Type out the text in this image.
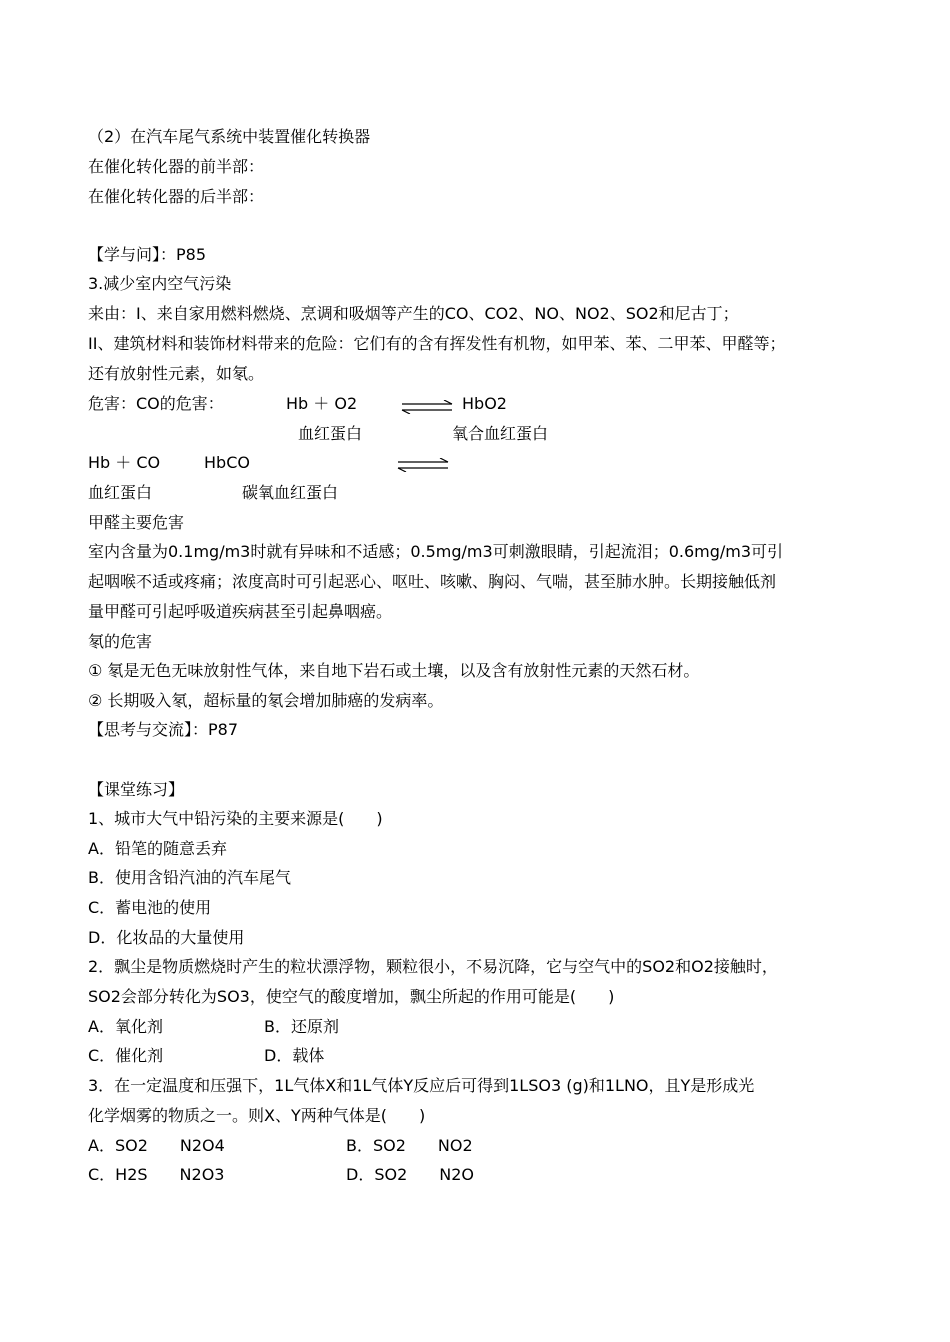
（2）在汽车尾气系统中装置催化转换器
在催化转化器的前半部：
在催化转化器的后半部：
【学与问】：P85
3.减少室内空气污染
来由：I、来自家用燃料燃烧、烹调和吸烟等产生的CO、CO2、NO、NO2、SO2和尼古丁；
II、建筑材料和装饰材料带来的危险：它们有的含有挥发性有机物，如甲苯、苯、二甲苯、甲醛等；
还有放射性元素，如氡。
危害：CO的危害：	Hb ＋ O2	⇌ HbO2
血红蛋白	氧合血红蛋白
Hb ＋ CO	HbCO
血红蛋白	碳氧血红蛋白
甲醛主要危害
室内含量为0.1mg/m3时就有异味和不适感；0.5mg/m3可刺激眼睛，引起流泪；0.6mg/m3可引
起咽喉不适或疼痛；浓度高时可引起恶心、呕吐、咳嗽、胸闷、气喘，甚至肺水肿。长期接触低剂
量甲醛可引起呼吸道疾病甚至引起鼻咽癌。
氡的危害
① 氡是无色无味放射性气体，来自地下岩石或土壤，以及含有放射性元素的天然石材。
② 长期吸入氡，超标量的氡会增加肺癌的发病率。
【思考与交流】：P87
【课堂练习】
1、城市大气中铅污染的主要来源是(　　)
A．铅笔的随意丢弃
B．使用含铅汽油的汽车尾气
C．蓄电池的使用
D．化妆品的大量使用
2．飘尘是物质燃烧时产生的粒状漂浮物，颗粒很小，不易沉降，它与空气中的SO2和O2接触时，
SO2会部分转化为SO3，使空气的酸度增加，飘尘所起的作用可能是(　　)
A．氧化剂	B．还原剂
C．催化剂	D．载体
3．在一定温度和压强下，1L气体X和1L气体Y反应后可得到1LSO3 (g)和1LNO，且Y是形成光
化学烟雾的物质之一。则X、Y两种气体是(　　)
A．SO2　　N2O4	B．SO2　　NO2
C．H2S　　N2O3	D．SO2　　N2O
